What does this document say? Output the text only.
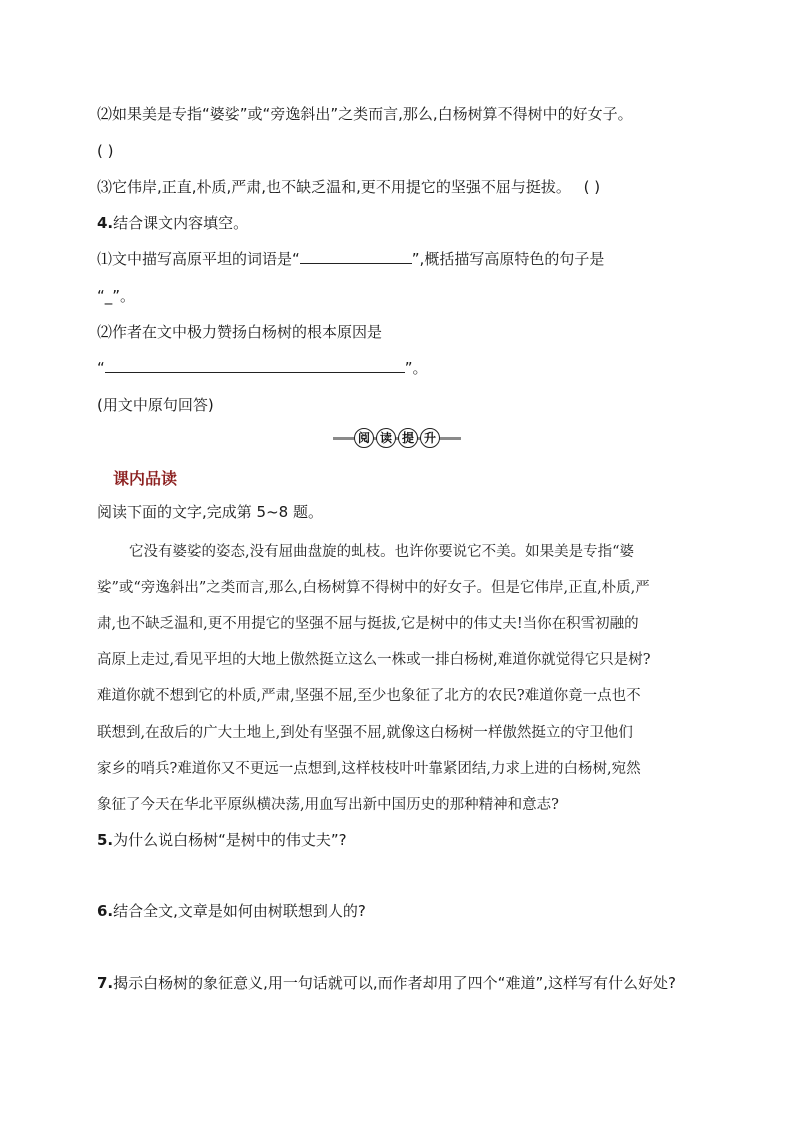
⑵如果美是专指“婆娑”或“旁逸斜出”之类而言,那么,白杨树算不得树中的好女子。
( )
⑶它伟岸,正直,朴质,严肃,也不缺乏温和,更不用提它的坚强不屈与挺拔。 ( )
4.结合课文内容填空。
⑴文中描写高原平坦的词语是“	”,概括描写高原特色的句子是
“_”。
⑵作者在文中极力赞扬白杨树的根本原因是
“	”。
(用文中原句回答)
阅 读 提 升
课内品读
阅读下面的文字,完成第 5~8 题。
它没有婆娑的姿态,没有屈曲盘旋的虬枝。也许你要说它不美。如果美是专指“婆
娑”或“旁逸斜出”之类而言,那么,白杨树算不得树中的好女子。但是它伟岸,正直,朴质,严
肃,也不缺乏温和,更不用提它的坚强不屈与挺拔,它是树中的伟丈夫!当你在积雪初融的
高原上走过,看见平坦的大地上傲然挺立这么一株或一排白杨树,难道你就觉得它只是树?
难道你就不想到它的朴质,严肃,坚强不屈,至少也象征了北方的农民?难道你竟一点也不
联想到,在敌后的广大土地上,到处有坚强不屈,就像这白杨树一样傲然挺立的守卫他们
家乡的哨兵?难道你又不更远一点想到,这样枝枝叶叶靠紧团结,力求上进的白杨树,宛然
象征了今天在华北平原纵横决荡,用血写出新中国历史的那种精神和意志?
5.为什么说白杨树“是树中的伟丈夫”?
6.结合全文,文章是如何由树联想到人的?
7.揭示白杨树的象征意义,用一句话就可以,而作者却用了四个“难道”,这样写有什么好处?
